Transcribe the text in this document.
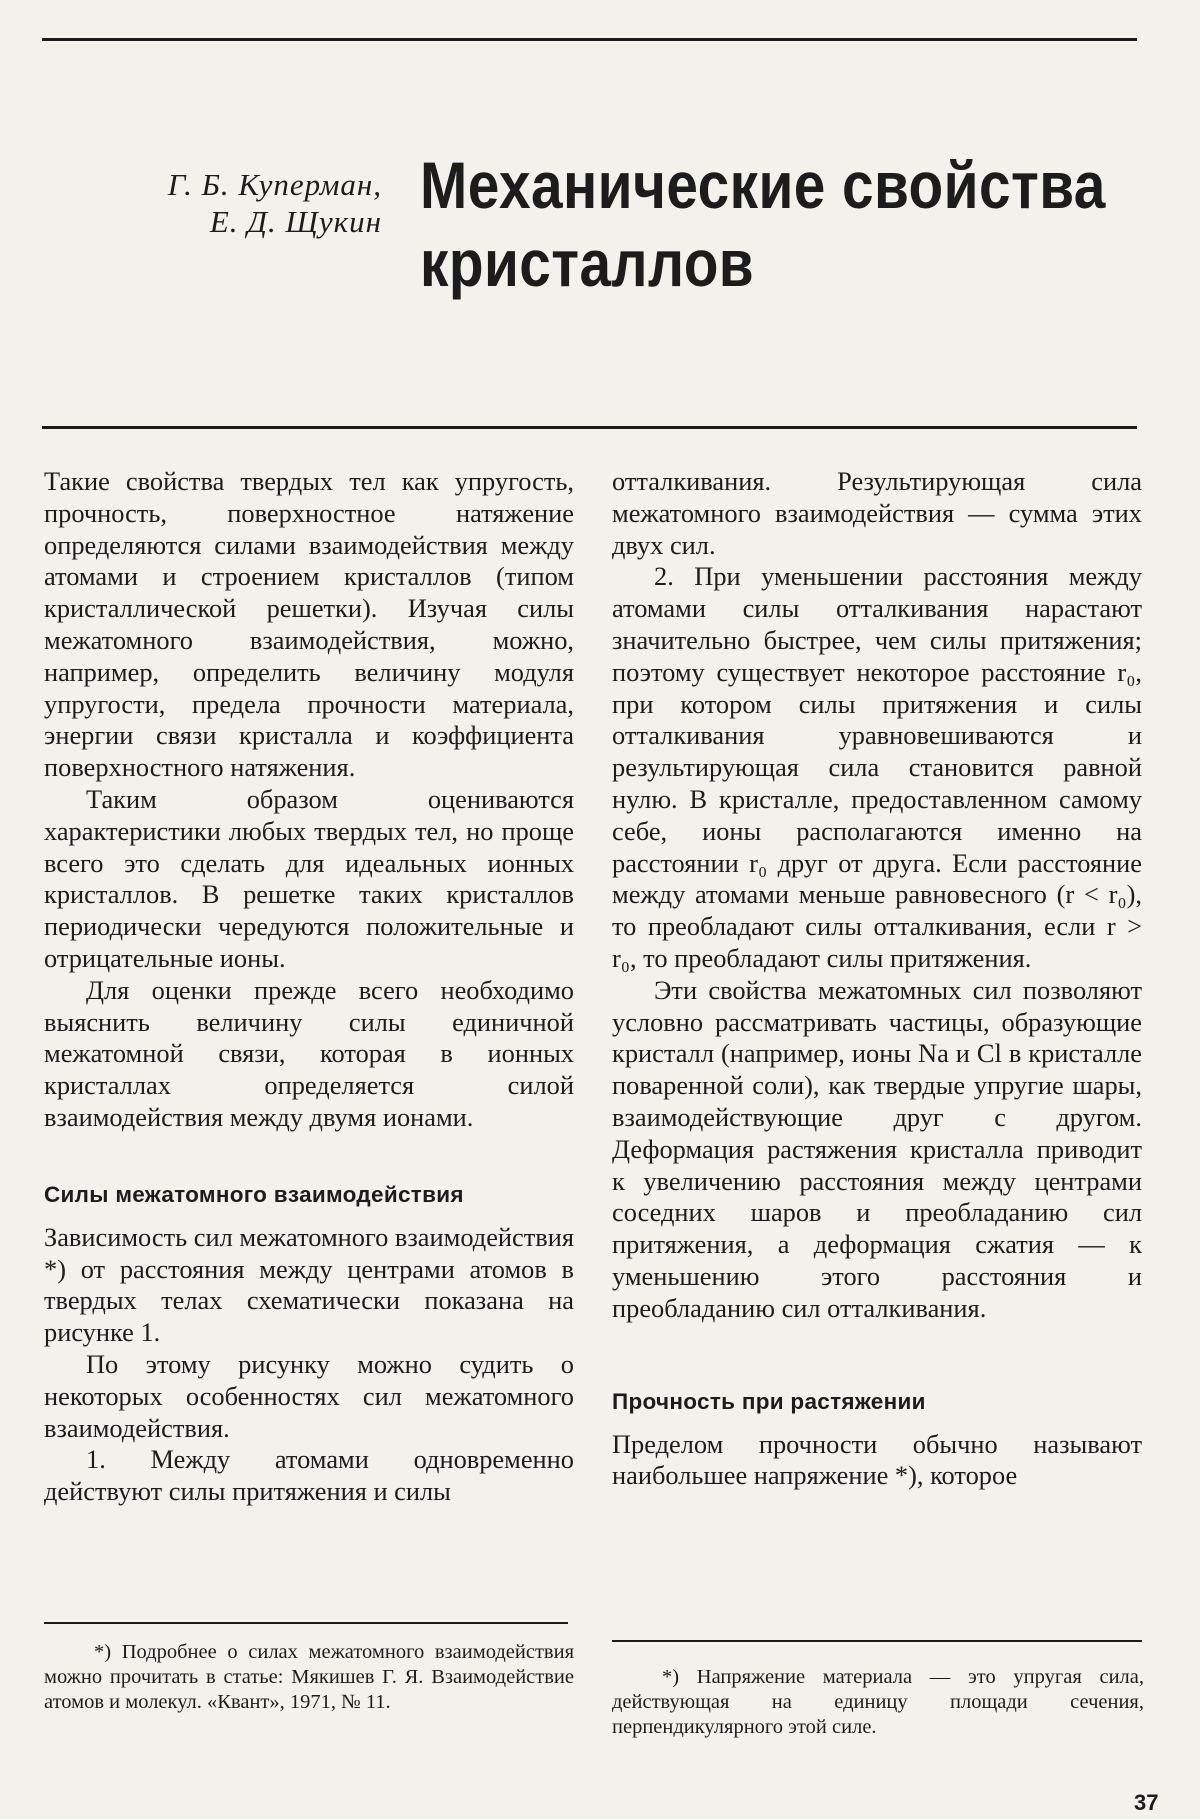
Г. Б. Куперман,
Е. Д. Щукин Механические свойства
кристаллов

Такие свойства твердых тел как упругость, прочность, поверхностное натяжение определяются силами взаимодействия между атомами и строением кристаллов (типом кристаллической решетки). Изучая силы межатомного взаимодействия, можно, например, определить величину модуля упругости, предела прочности материала, энергии связи кристалла и коэффициента поверхностного натяжения.

Таким образом оцениваются характеристики любых твердых тел, но проще всего это сделать для идеальных ионных кристаллов. В решетке таких кристаллов периодически чередуются положительные и отрицательные ионы.

Для оценки прежде всего необходимо выяснить величину силы единичной межатомной связи, которая в ионных кристаллах определяется силой взаимодействия между двумя ионами.

Силы межатомного взаимодействия

Зависимость сил межатомного взаимодействия *) от расстояния между центрами атомов в твердых телах схематически показана на рисунке 1.

По этому рисунку можно судить о некоторых особенностях сил межатомного взаимодействия.

1. Между атомами одновременно действуют силы притяжения и силы

отталкивания. Результирующая сила межатомного взаимодействия — сумма этих двух сил.

2. При уменьшении расстояния между атомами силы отталкивания нарастают значительно быстрее, чем силы притяжения; поэтому существует некоторое расстояние r₀, при котором силы притяжения и силы отталкивания уравновешиваются и результирующая сила становится равной нулю. В кристалле, предоставленном самому себе, ионы располагаются именно на расстоянии r₀ друг от друга. Если расстояние между атомами меньше равновесного (r < r₀), то преобладают силы отталкивания, если r > r₀, то преобладают силы притяжения.

Эти свойства межатомных сил позволяют условно рассматривать частицы, образующие кристалл (например, ионы Na и Cl в кристалле поваренной соли), как твердые упругие шары, взаимодействующие друг с другом. Деформация растяжения кристалла приводит к увеличению расстояния между центрами соседних шаров и преобладанию сил притяжения, а деформация сжатия — к уменьшению этого расстояния и преобладанию сил отталкивания.

Прочность при растяжении

Пределом прочности обычно называют наибольшее напряжение *), которое

*) Подробнее о силах межатомного взаимодействия можно прочитать в статье: Мякишев Г. Я. Взаимодействие атомов и молекул. «Квант», 1971, № 11.

*) Напряжение материала — это упругая сила, действующая на единицу площади сечения, перпендикулярного этой силе.

37
